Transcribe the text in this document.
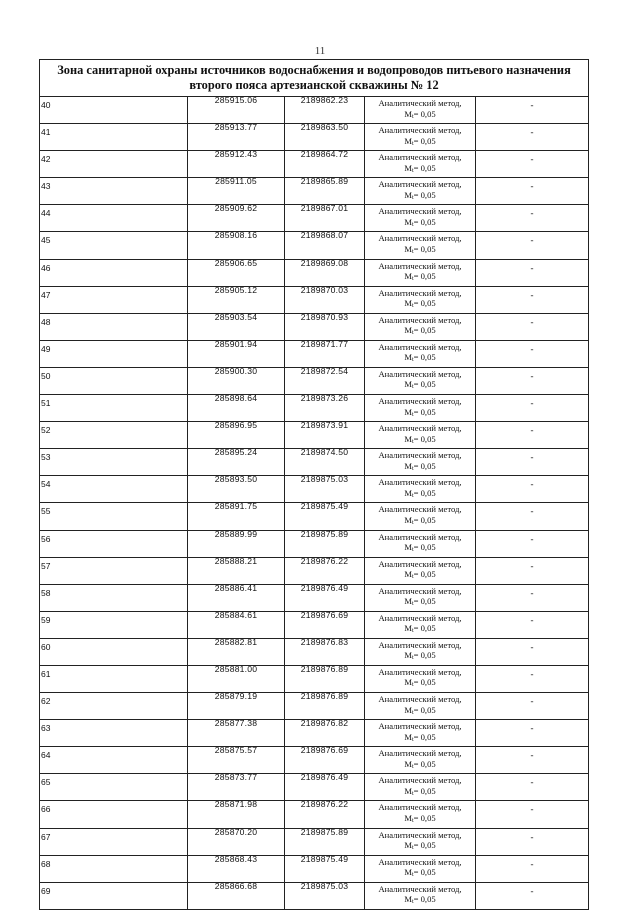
11
Зона санитарной охраны источников водоснабжения и водопроводов питьевого назначения второго пояса артезианской скважины № 12				
40	285915.06	2189862.23	Аналитический метод,
$M_t= 0,05$	-
41	285913.77	2189863.50	Аналитический метод,
$M_t= 0,05$	-
42	285912.43	2189864.72	Аналитический метод,
$M_t= 0,05$	-
43	285911.05	2189865.89	Аналитический метод,
$M_t= 0,05$	-
44	285909.62	2189867.01	Аналитический метод,
$M_t= 0,05$	-
45	285908.16	2189868.07	Аналитический метод,
$M_t= 0,05$	-
46	285906.65	2189869.08	Аналитический метод,
$M_t= 0,05$	-
47	285905.12	2189870.03	Аналитический метод,
$M_t= 0,05$	-
48	285903.54	2189870.93	Аналитический метод,
$M_t= 0,05$	-
49	285901.94	2189871.77	Аналитический метод,
$M_t= 0,05$	-
50	285900.30	2189872.54	Аналитический метод,
$M_t= 0,05$	-
51	285898.64	2189873.26	Аналитический метод,
$M_t= 0,05$	-
52	285896.95	2189873.91	Аналитический метод,
$M_t= 0,05$	-
53	285895.24	2189874.50	Аналитический метод,
$M_t= 0,05$	-
54	285893.50	2189875.03	Аналитический метод,
$M_t= 0,05$	-
55	285891.75	2189875.49	Аналитический метод,
$M_t= 0,05$	-
56	285889.99	2189875.89	Аналитический метод,
$M_t= 0,05$	-
57	285888.21	2189876.22	Аналитический метод,
$M_t= 0,05$	-
58	285886.41	2189876.49	Аналитический метод,
$M_t= 0,05$	-
59	285884.61	2189876.69	Аналитический метод,
$M_t= 0,05$	-
60	285882.81	2189876.83	Аналитический метод,
$M_t= 0,05$	-
61	285881.00	2189876.89	Аналитический метод,
$M_t= 0,05$	-
62	285879.19	2189876.89	Аналитический метод,
$M_t= 0,05$	-
63	285877.38	2189876.82	Аналитический метод,
$M_t= 0,05$	-
64	285875.57	2189876.69	Аналитический метод,
$M_t= 0,05$	-
65	285873.77	2189876.49	Аналитический метод,
$M_t= 0,05$	-
66	285871.98	2189876.22	Аналитический метод,
$M_t= 0,05$	-
67	285870.20	2189875.89	Аналитический метод,
$M_t= 0,05$	-
68	285868.43	2189875.49	Аналитический метод,
$M_t= 0,05$	-
69	285866.68	2189875.03	Аналитический метод,
$M_t= 0,05$	-
